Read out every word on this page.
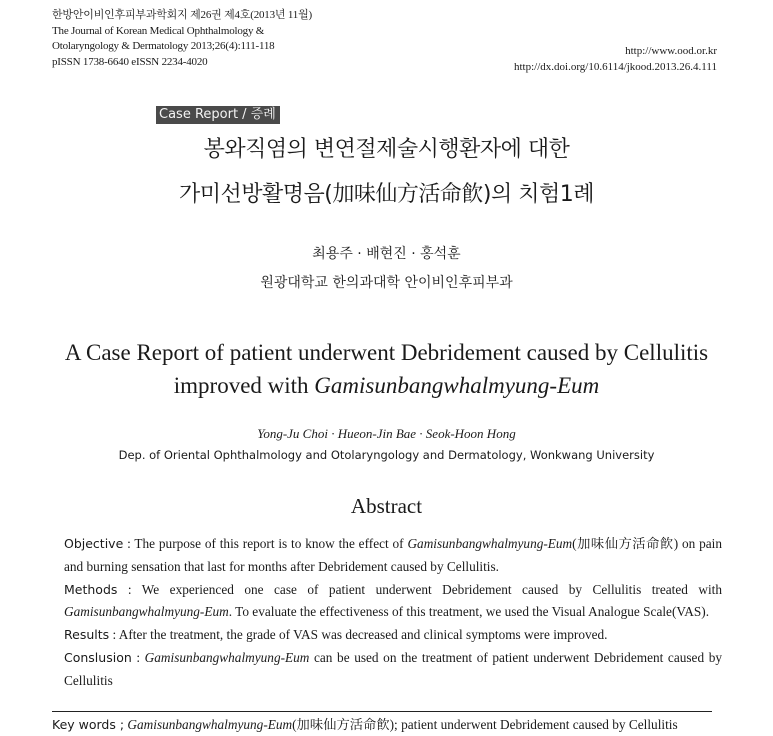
한방안이비인후피부과학회지 제26권 제4호(2013년 11월)
The Journal of Korean Medical Ophthalmology &
Otolaryngology & Dermatology 2013;26(4):111-118
pISSN 1738-6640 eISSN 2234-4020
http://www.ood.or.kr
http://dx.doi.org/10.6114/jkood.2013.26.4.111
Case Report / 증례
봉와직염의 변연절제술시행환자에 대한
가미선방활명음(加味仙方活命飮)의 치험1례
최용주 · 배현진 · 홍석훈
원광대학교 한의과대학 안이비인후피부과
A Case Report of patient underwent Debridement caused by Cellulitis
improved with Gamisunbangwhalmyung-Eum
Yong-Ju Choi · Hueon-Jin Bae · Seok-Hoon Hong
Dep. of Oriental Ophthalmology and Otolaryngology and Dermatology, Wonkwang University
Abstract

Objective : The purpose of this report is to know the effect of Gamisunbangwhalmyung-Eum(加味仙方活命飮) on pain and burning sensation that last for months after Debridement caused by Cellulitis.

Methods : We experienced one case of patient underwent Debridement caused by Cellulitis treated with Gamisunbangwhalmyung-Eum. To evaluate the effectiveness of this treatment, we used the Visual Analogue Scale(VAS).

Results : After the treatment, the grade of VAS was decreased and clinical symptoms were improved.

Conslusion : Gamisunbangwhalmyung-Eum can be used on the treatment of patient underwent Debridement caused by Cellulitis

Key words ; Gamisunbangwhalmyung-Eum(加味仙方活命飮); patient underwent Debridement caused by Cellulitis
